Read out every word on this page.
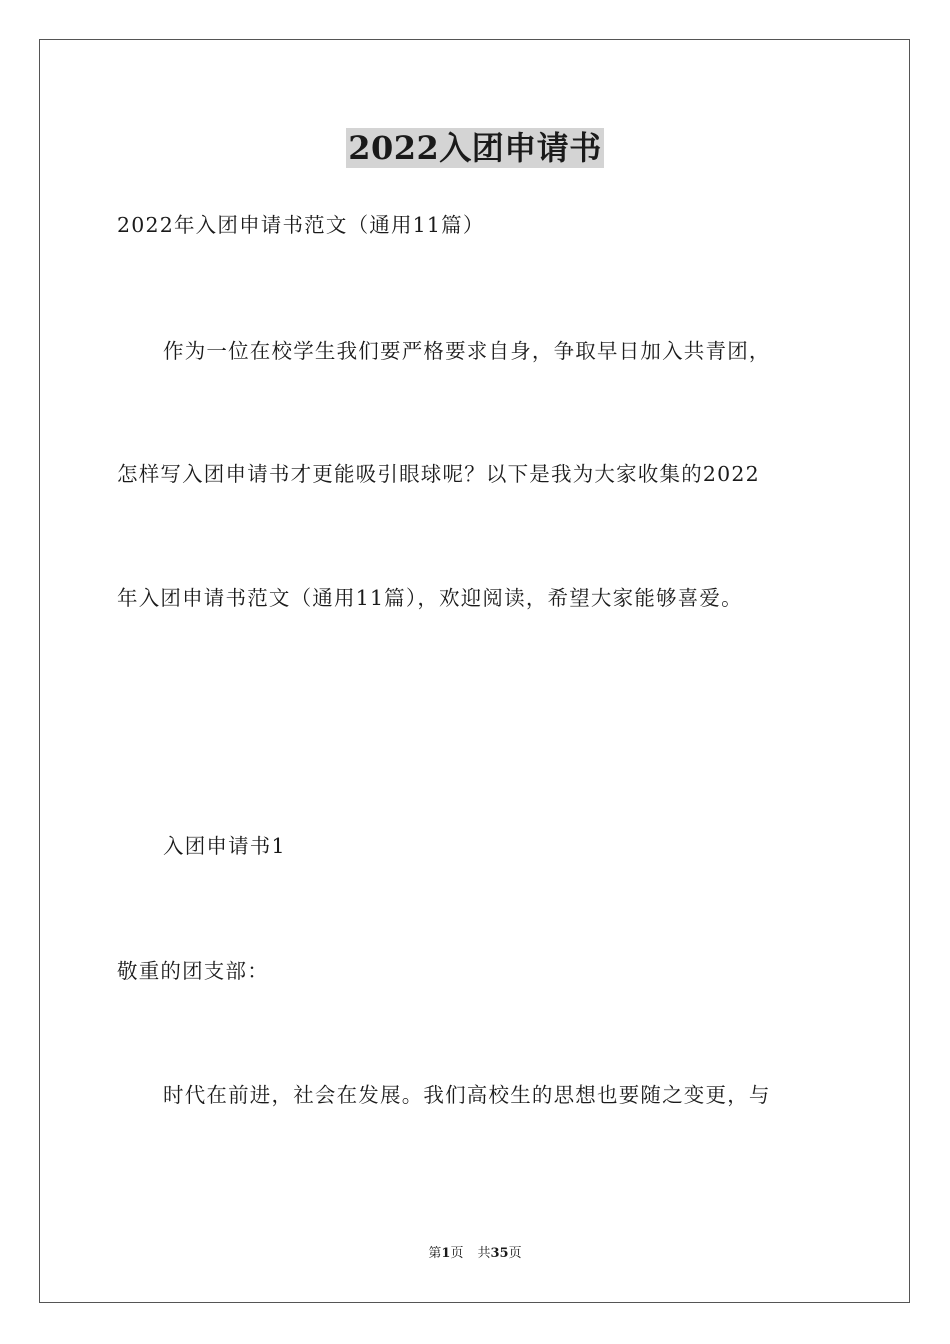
2022入团申请书
2022年入团申请书范文（通用11篇）
作为一位在校学生我们要严格要求自身，争取早日加入共青团，
怎样写入团申请书才更能吸引眼球呢？以下是我为大家收集的2022
年入团申请书范文（通用11篇），欢迎阅读，希望大家能够喜爱。
入团申请书1
敬重的团支部：
时代在前进，社会在发展。我们高校生的思想也要随之变更，与
第1页 共35页
